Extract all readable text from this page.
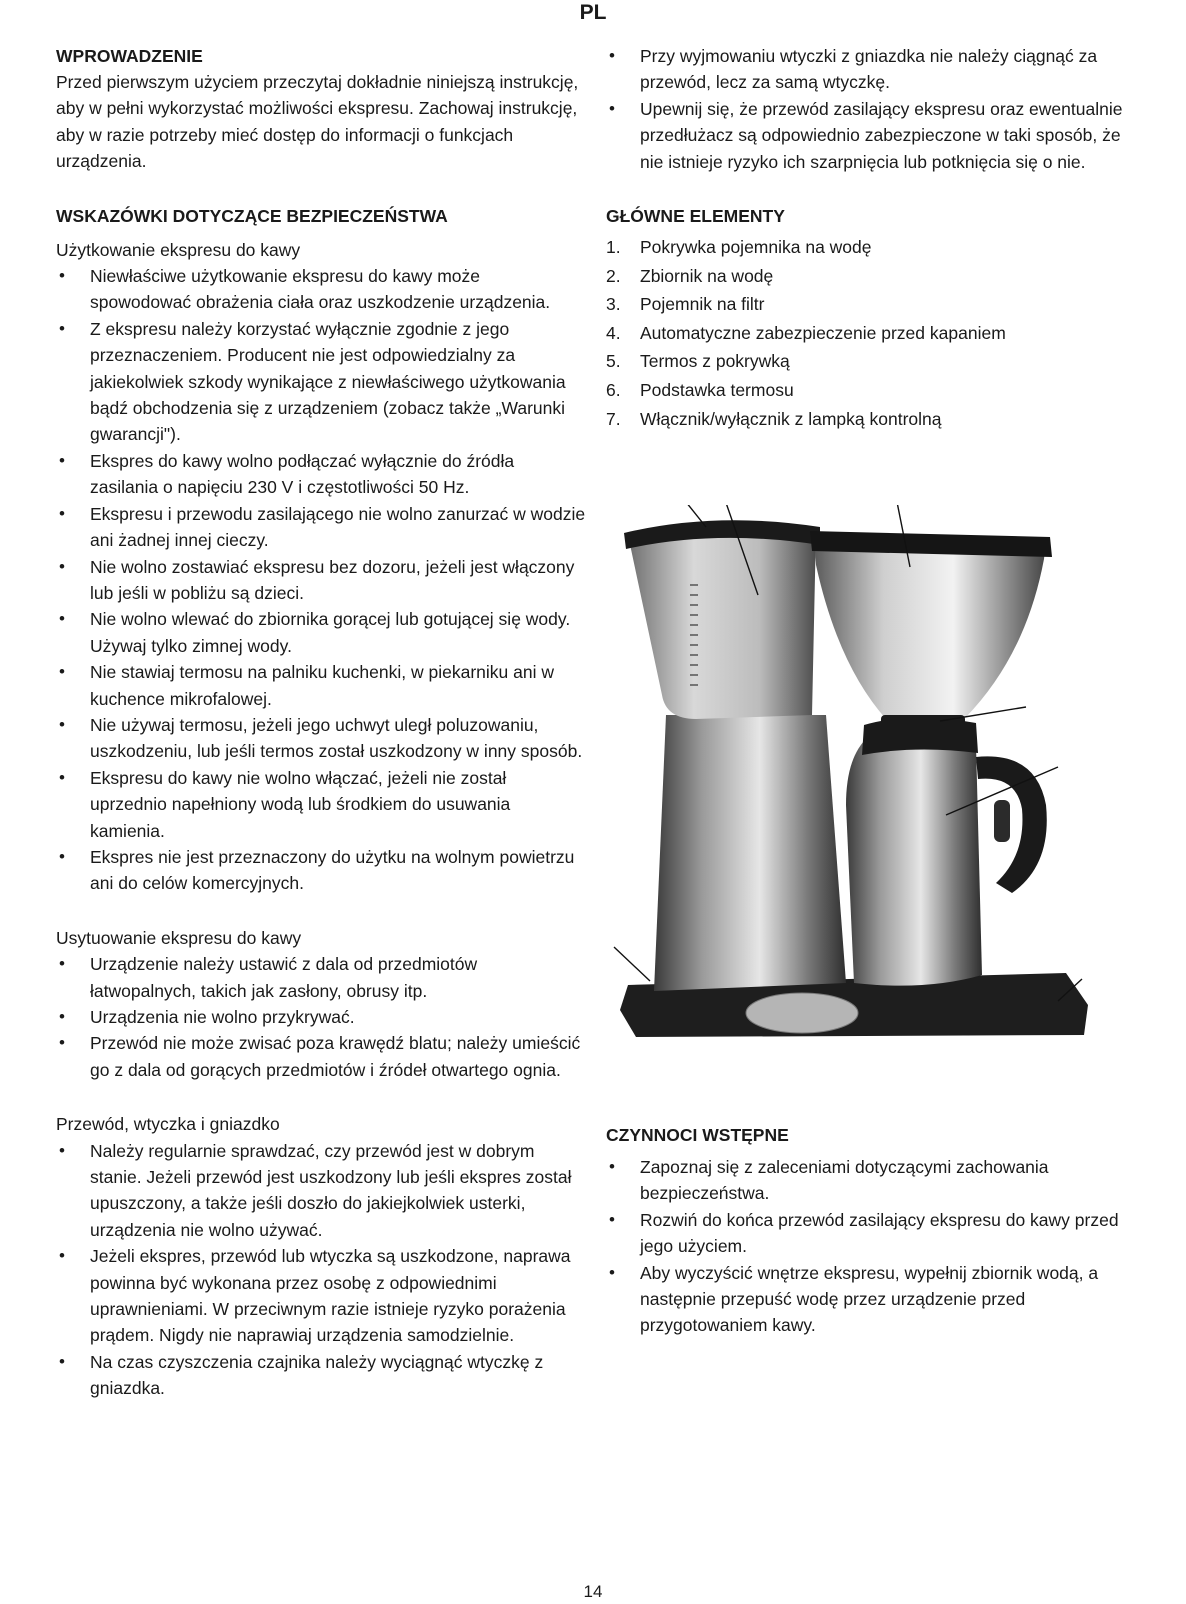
PL
WPROWADZENIE

Przed pierwszym użyciem przeczytaj dokładnie niniejszą instrukcję, aby w pełni wykorzystać możliwości ekspresu. Zachowaj instrukcję, aby w razie potrzeby mieć dostęp do informacji o funkcjach urządzenia.

WSKAZÓWKI DOTYCZĄCE BEZPIECZEŃSTWA

Użytkowanie ekspresu do kawy

• Niewłaściwe użytkowanie ekspresu do kawy może spowodować obrażenia ciała oraz uszkodzenie urządzenia.
• Z ekspresu należy korzystać wyłącznie zgodnie z jego przeznaczeniem. Producent nie jest odpowiedzialny za jakiekolwiek szkody wynikające z niewłaściwego użytkowania bądź obchodzenia się z urządzeniem (zobacz także „Warunki gwarancji").
• Ekspres do kawy wolno podłączać wyłącznie do źródła zasilania o napięciu 230 V i częstotliwości 50 Hz.
• Ekspresu i przewodu zasilającego nie wolno zanurzać w wodzie ani żadnej innej cieczy.
• Nie wolno zostawiać ekspresu bez dozoru, jeżeli jest włączony lub jeśli w pobliżu są dzieci.
• Nie wolno wlewać do zbiornika gorącej lub gotującej się wody. Używaj tylko zimnej wody.
• Nie stawiaj termosu na palniku kuchenki, w piekarniku ani w kuchence mikrofalowej.
• Nie używaj termosu, jeżeli jego uchwyt uległ poluzowaniu, uszkodzeniu, lub jeśli termos został uszkodzony w inny sposób.
• Ekspresu do kawy nie wolno włączać, jeżeli nie został uprzednio napełniony wodą lub środkiem do usuwania kamienia.
• Ekspres nie jest przeznaczony do użytku na wolnym powietrzu ani do celów komercyjnych.

Usytuowanie ekspresu do kawy

• Urządzenie należy ustawić z dala od przedmiotów łatwopalnych, takich jak zasłony, obrusy itp.
• Urządzenia nie wolno przykrywać.
• Przewód nie może zwisać poza krawędź blatu; należy umieścić go z dala od gorących przedmiotów i źródeł otwartego ognia.

Przewód, wtyczka i gniazdko

• Należy regularnie sprawdzać, czy przewód jest w dobrym stanie. Jeżeli przewód jest uszkodzony lub jeśli ekspres został upuszczony, a także jeśli doszło do jakiejkolwiek usterki, urządzenia nie wolno używać.
• Jeżeli ekspres, przewód lub wtyczka są uszkodzone, naprawa powinna być wykonana przez osobę z odpowiednimi uprawnieniami. W przeciwnym razie istnieje ryzyko porażenia prądem. Nigdy nie naprawiaj urządzenia samodzielnie.
• Na czas czyszczenia czajnika należy wyciągnąć wtyczkę z gniazdka.
• Przy wyjmowaniu wtyczki z gniazdka nie należy ciągnąć za przewód, lecz za samą wtyczkę.
• Upewnij się, że przewód zasilający ekspresu oraz ewentualnie przedłużacz są odpowiednio zabezpieczone w taki sposób, że nie istnieje ryzyko ich szarpnięcia lub potknięcia się o nie.
GŁÓWNE ELEMENTY
1. Pokrywka pojemnika na wodę
2. Zbiornik na wodę
3. Pojemnik na filtr
4. Automatyczne zabezpieczenie przed kapaniem
5. Termos z pokrywką
6. Podstawka termosu
7. Włącznik/wyłącznik z lampką kontrolną
CZYNNOCI WSTĘPNE
• Zapoznaj się z zaleceniami dotyczącymi zachowania bezpieczeństwa.
• Rozwiń do końca przewód zasilający ekspresu do kawy przed jego użyciem.
• Aby wyczyścić wnętrze ekspresu, wypełnij zbiornik wodą, a następnie przepuść wodę przez urządzenie przed przygotowaniem kawy.
14
